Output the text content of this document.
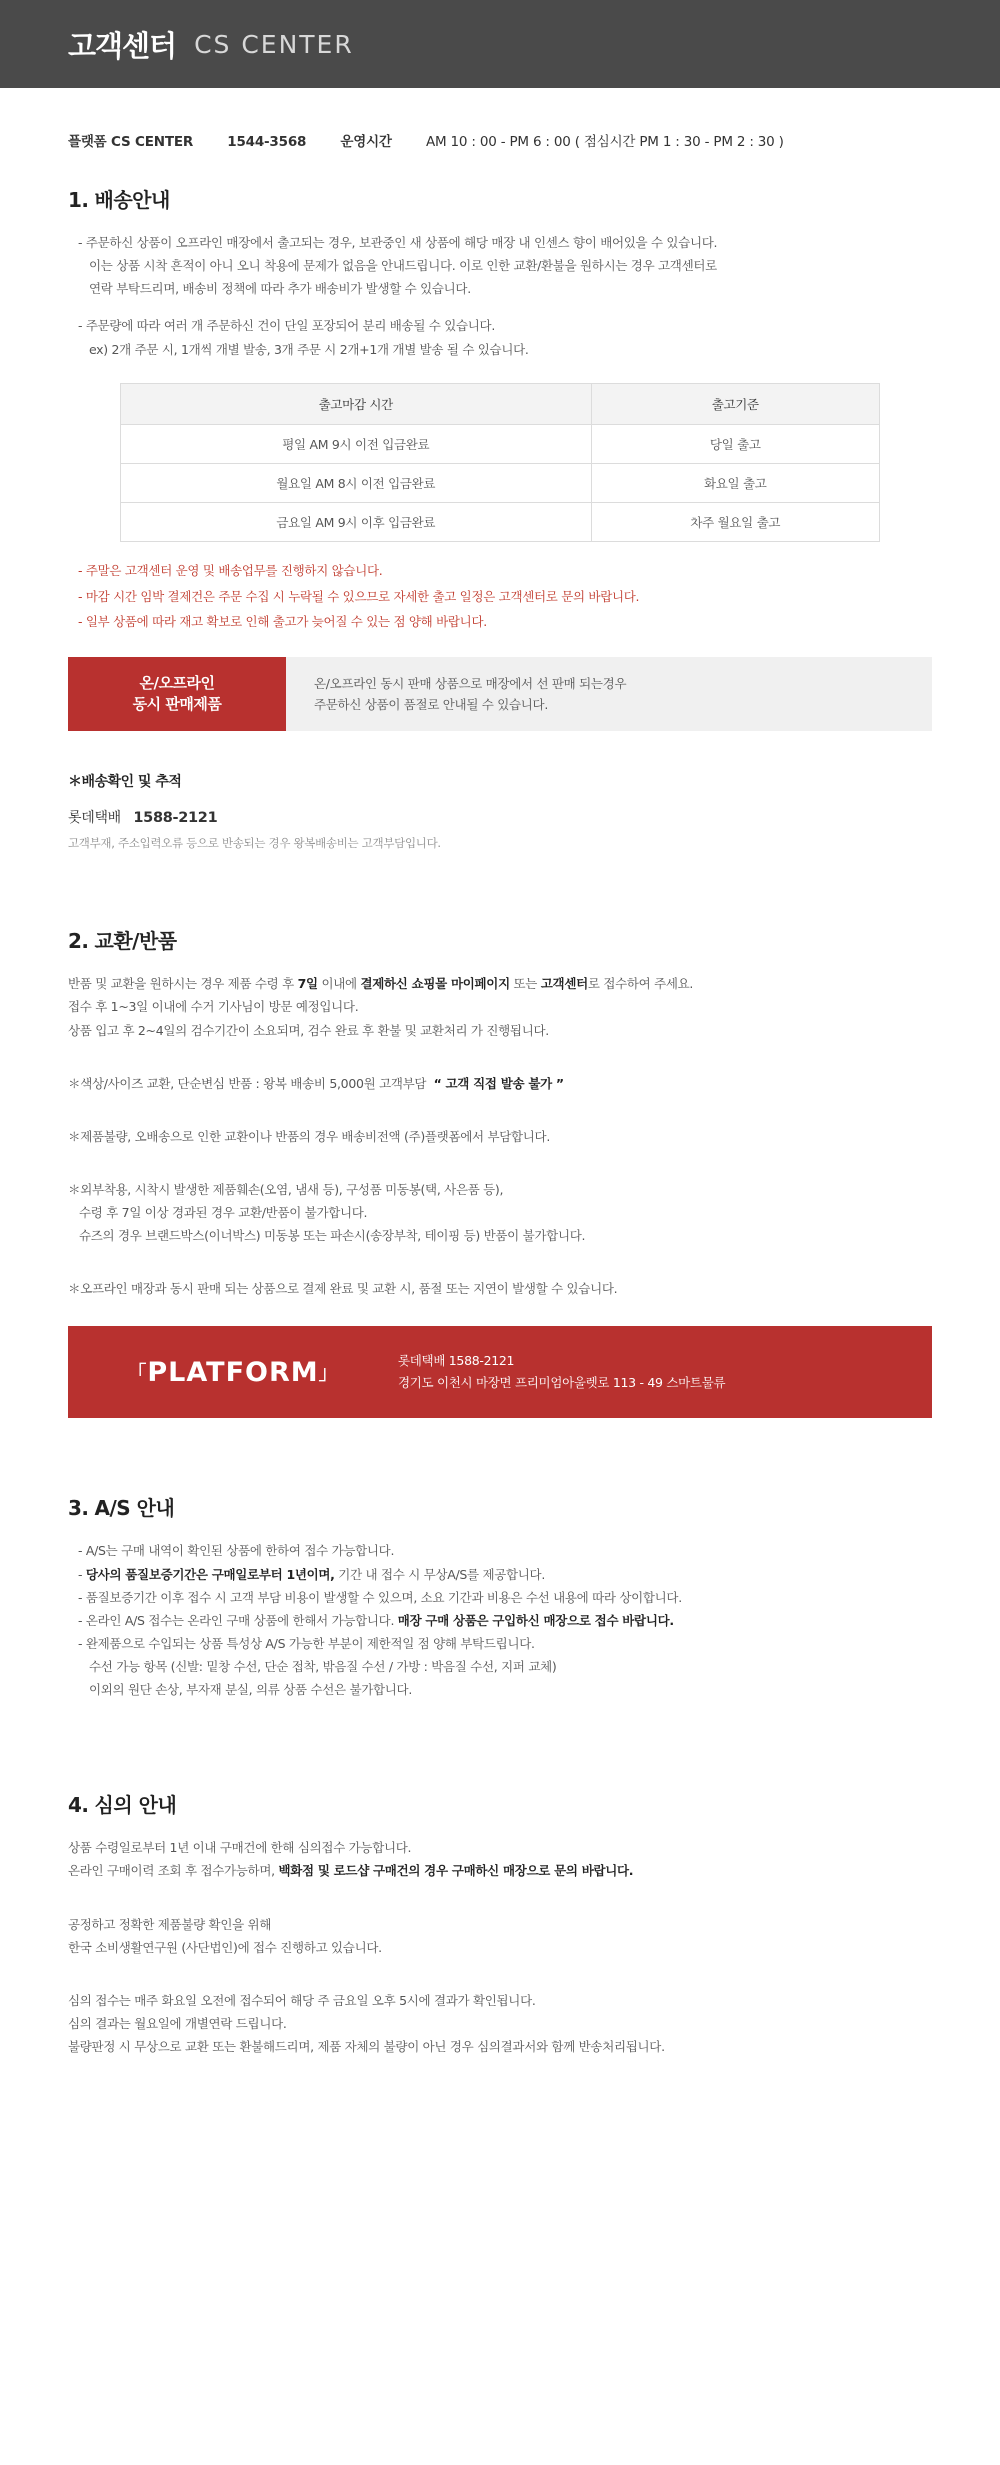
고객센터 CS CENTER
플랫폼 CS CENTER	1544-3568	운영시간	AM 10 : 00 - PM 6 : 00 ( 점심시간 PM 1 : 30 - PM 2 : 30 )
1. 배송안내

- 주문하신 상품이 오프라인 매장에서 출고되는 경우, 보관중인 새 상품에 해당 매장 내 인센스 향이 배어있을 수 있습니다.
이는 상품 시착 흔적이 아니 오니 착용에 문제가 없음을 안내드립니다. 이로 인한 교환/환불을 원하시는 경우 고객센터로
연락 부탁드리며, 배송비 정책에 따라 추가 배송비가 발생할 수 있습니다.

- 주문량에 따라 여러 개 주문하신 건이 단일 포장되어 분리 배송될 수 있습니다.
ex) 2개 주문 시, 1개씩 개별 발송, 3개 주문 시 2개+1개 개별 발송 될 수 있습니다.

출고마감 시간	출고기준
평일 AM 9시 이전 입금완료	당일 출고
월요일 AM 8시 이전 입금완료	화요일 출고
금요일 AM 9시 이후 입금완료	차주 월요일 출고

- 주말은 고객센터 운영 및 배송업무를 진행하지 않습니다.

- 마감 시간 임박 결제건은 주문 수집 시 누락될 수 있으므로 자세한 출고 일정은 고객센터로 문의 바랍니다.

- 일부 상품에 따라 재고 확보로 인해 출고가 늦어질 수 있는 점 양해 바랍니다.

온/오프라인
동시 판매제품
온/오프라인 동시 판매 상품으로 매장에서 선 판매 되는경우
주문하신 상품이 품절로 안내될 수 있습니다.
＊배송확인 및 추적
롯데택배 1588-2121
고객부재, 주소입력오류 등으로 반송되는 경우 왕복배송비는 고객부담입니다.
2. 교환/반품

반품 및 교환을 원하시는 경우 제품 수령 후 7일 이내에 결제하신 쇼핑몰 마이페이지 또는 고객센터로 접수하여 주세요.
접수 후 1~3일 이내에 수거 기사님이 방문 예정입니다.
상품 입고 후 2~4일의 검수기간이 소요되며, 검수 완료 후 환불 및 교환처리 가 진행됩니다.

＊색상/사이즈 교환, 단순변심 반품 : 왕복 배송비 5,000원 고객부담 “ 고객 직접 발송 불가 ”

＊제품불량, 오배송으로 인한 교환이나 반품의 경우 배송비전액 (주)플랫폼에서 부담합니다.

＊외부착용, 시착시 발생한 제품훼손(오염, 냄새 등), 구성품 미동봉(택, 사은품 등),
수령 후 7일 이상 경과된 경우 교환/반품이 불가합니다.
슈즈의 경우 브랜드박스(이너박스) 미동봉 또는 파손시(송장부착, 테이핑 등) 반품이 불가합니다.

＊오프라인 매장과 동시 판매 되는 상품으로 결제 완료 및 교환 시, 품절 또는 지연이 발생할 수 있습니다.

「PLATFORM」
롯데택배 1588-2121
경기도 이천시 마장면 프리미엄아울렛로 113 - 49 스마트물류
3. A/S 안내

- A/S는 구매 내역이 확인된 상품에 한하여 접수 가능합니다.
- 당사의 품질보증기간은 구매일로부터 1년이며, 기간 내 접수 시 무상A/S를 제공합니다.
- 품질보증기간 이후 접수 시 고객 부담 비용이 발생할 수 있으며, 소요 기간과 비용은 수선 내용에 따라 상이합니다.
- 온라인 A/S 접수는 온라인 구매 상품에 한해서 가능합니다. 매장 구매 상품은 구입하신 매장으로 접수 바랍니다.
- 완제품으로 수입되는 상품 특성상 A/S 가능한 부분이 제한적일 점 양해 부탁드립니다.
수선 가능 항목 (신발: 밑창 수선, 단순 접착, 밖음질 수선 / 가방 : 박음질 수선, 지퍼 교체)
이외의 원단 손상, 부자재 분실, 의류 상품 수선은 불가합니다.

4. 심의 안내

상품 수령일로부터 1년 이내 구매건에 한해 심의접수 가능합니다.
온라인 구매이력 조회 후 접수가능하며, 백화점 및 로드샵 구매건의 경우 구매하신 매장으로 문의 바랍니다.

공정하고 정확한 제품불량 확인을 위해
한국 소비생활연구원 (사단법인)에 접수 진행하고 있습니다.

심의 접수는 매주 화요일 오전에 접수되어 해당 주 금요일 오후 5시에 결과가 확인됩니다.
심의 결과는 월요일에 개별연락 드립니다.
불량판정 시 무상으로 교환 또는 환불해드리며, 제품 자체의 불량이 아닌 경우 심의결과서와 함께 반송처리됩니다.
